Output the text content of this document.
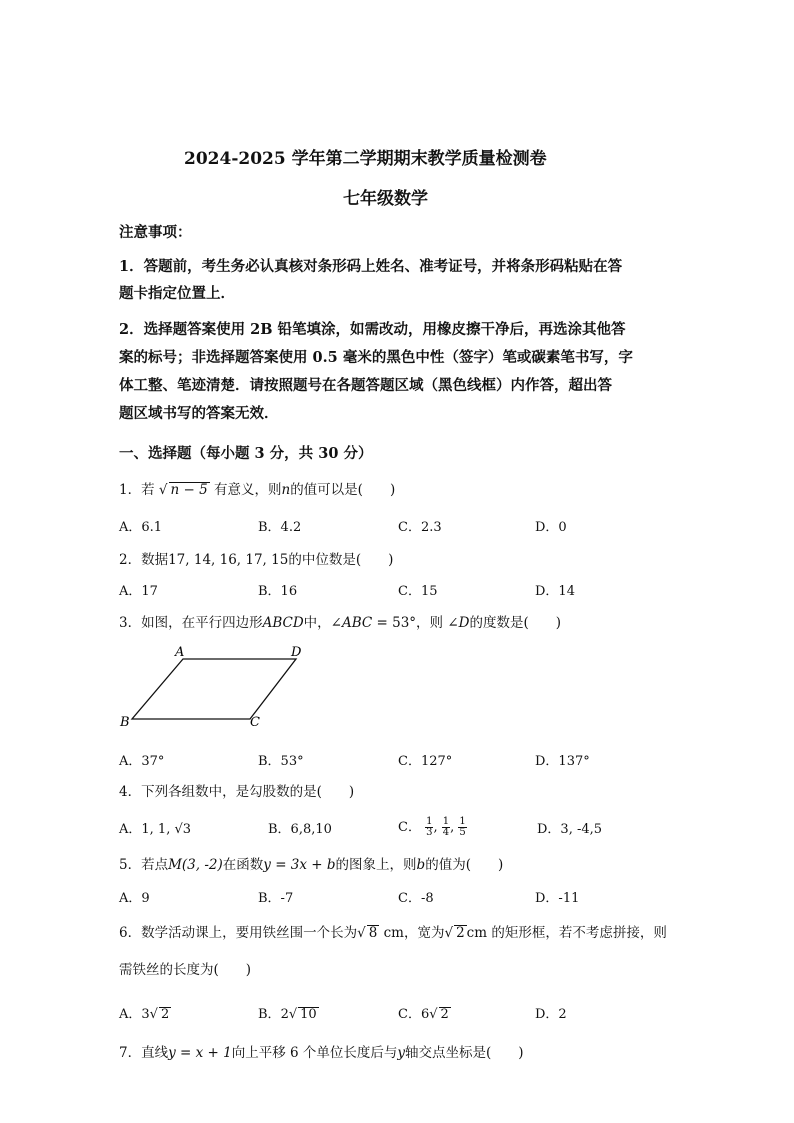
2024-2025 学年第二学期期末教学质量检测卷
七年级数学
注意事项：
1．答题前，考生务必认真核对条形码上姓名、准考证号，并将条形码粘贴在答
题卡指定位置上．
2．选择题答案使用 2B 铅笔填涂，如需改动，用橡皮擦干净后，再选涂其他答
案的标号；非选择题答案使用 0.5 毫米的黑色中性（签字）笔或碳素笔书写，字
体工整、笔迹清楚．请按照题号在各题答题区域（黑色线框）内作答，超出答
题区域书写的答案无效．
一、选择题（每小题 3 分，共 30 分）
1．若 √ n − 5 有意义，则n的值可以是(　　)
A．6.1	B．4.2	C．2.3	D．0
2．数据17, 14, 16, 17, 15的中位数是(　　)
A．17	B．16	C．15	D．14
3．如图，在平行四边形ABCD中，∠ABC = 53°，则 ∠D的度数是(　　)
A	D
B	C
A．37°	B．53°	C．127°	D．137°
4．下列各组数中，是勾股数的是(　　)
A．1, 1, √3	B．6,8,10	C． $\frac{1}{3}$ , $\frac{1}{4}$ , $\frac{1}{5}$	D．3, -4,5
5．若点M(3, -2)在函数y = 3x + b的图象上，则b的值为(　　)
A．9	B．-7	C．-8	D．-11
6．数学活动课上，要用铁丝围一个长为√ 8 cm，宽为√ 2 cm 的矩形框，若不考虑拼接，则
需铁丝的长度为(　　)
A．3√ 2	B．2√ 10	C．6√ 2	D．2
7．直线y = x + 1向上平移 6 个单位长度后与y轴交点坐标是(　　)
